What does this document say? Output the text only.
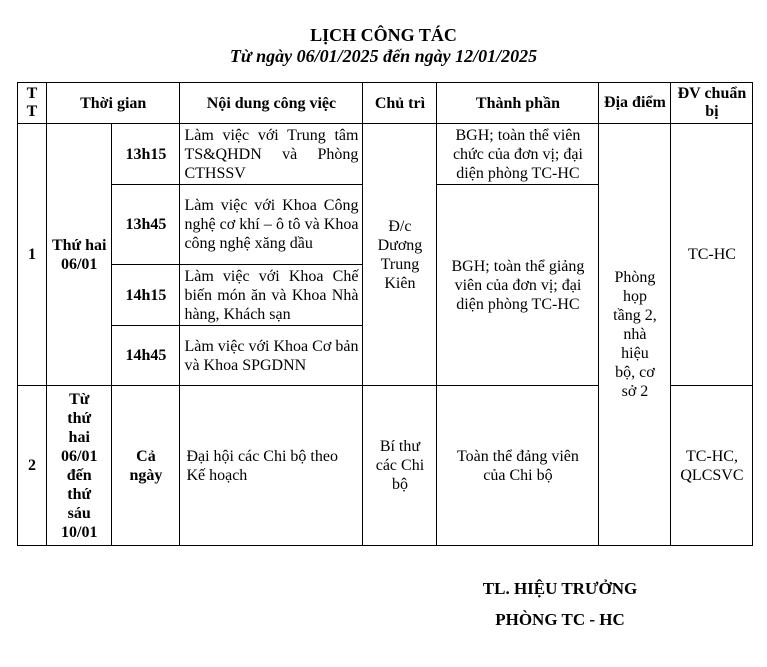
LỊCH CÔNG TÁC
Từ ngày 06/01/2025 đến ngày 12/01/2025
T T	Thời gian		Nội dung công việc	Chủ trì	Thành phần	Địa điểm	ĐV chuẩn bị
1	Thứ hai 06/01	13h15	Làm việc với Trung tâm TS&QHDN và Phòng CTHSSV	Đ/c Dương Trung Kiên	BGH; toàn thể viên chức của đơn vị; đại diện phòng TC-HC	Phòng họp tầng 2, nhà hiệu bộ, cơ sở 2	TC-HC
		13h45	Làm việc với Khoa Công nghệ cơ khí – ô tô và Khoa công nghệ xăng dầu		BGH; toàn thể giảng viên của đơn vị; đại diện phòng TC-HC		
		14h15	Làm việc với Khoa Chế biến món ăn và Khoa Nhà hàng, Khách sạn				
		14h45	Làm việc với Khoa Cơ bản và Khoa SPGDNN				
2	Từ thứ hai 06/01 đến thứ sáu 10/01	Cả ngày	Đại hội các Chi bộ theo Kế hoạch	Bí thư các Chi bộ	Toàn thể đảng viên của Chi bộ		TC-HC, QLCSVC
TL. HIỆU TRƯỞNG
PHÒNG TC - HC
